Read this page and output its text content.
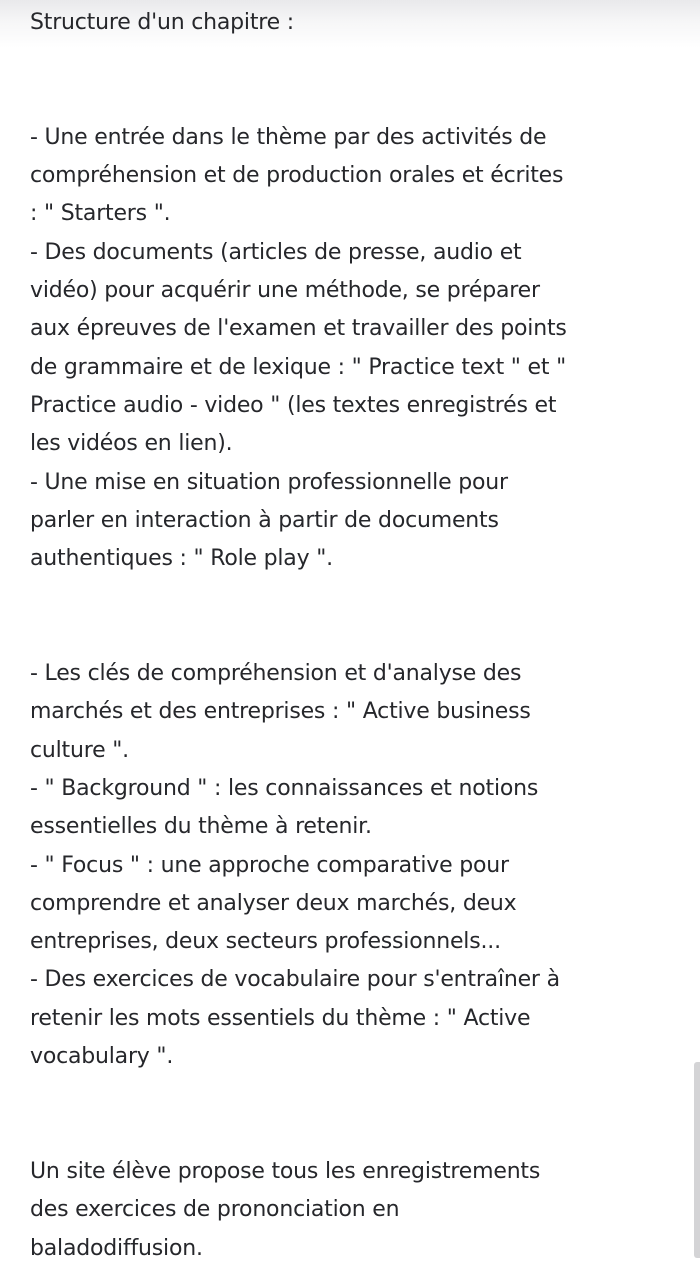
Structure d'un chapitre :
- Une entrée dans le thème par des activités de
compréhension et de production orales et écrites
: " Starters ".
- Des documents (articles de presse, audio et
vidéo) pour acquérir une méthode, se préparer
aux épreuves de l'examen et travailler des points
de grammaire et de lexique : " Practice text " et "
Practice audio - video " (les textes enregistrés et
les vidéos en lien).
- Une mise en situation professionnelle pour
parler en interaction à partir de documents
authentiques : " Role play ".
- Les clés de compréhension et d'analyse des
marchés et des entreprises : " Active business
culture ".
- " Background " : les connaissances et notions
essentielles du thème à retenir.
- " Focus " : une approche comparative pour
comprendre et analyser deux marchés, deux
entreprises, deux secteurs professionnels...
- Des exercices de vocabulaire pour s'entraîner à
retenir les mots essentiels du thème : " Active
vocabulary ".
Un site élève propose tous les enregistrements
des exercices de prononciation en
baladodiffusion.
